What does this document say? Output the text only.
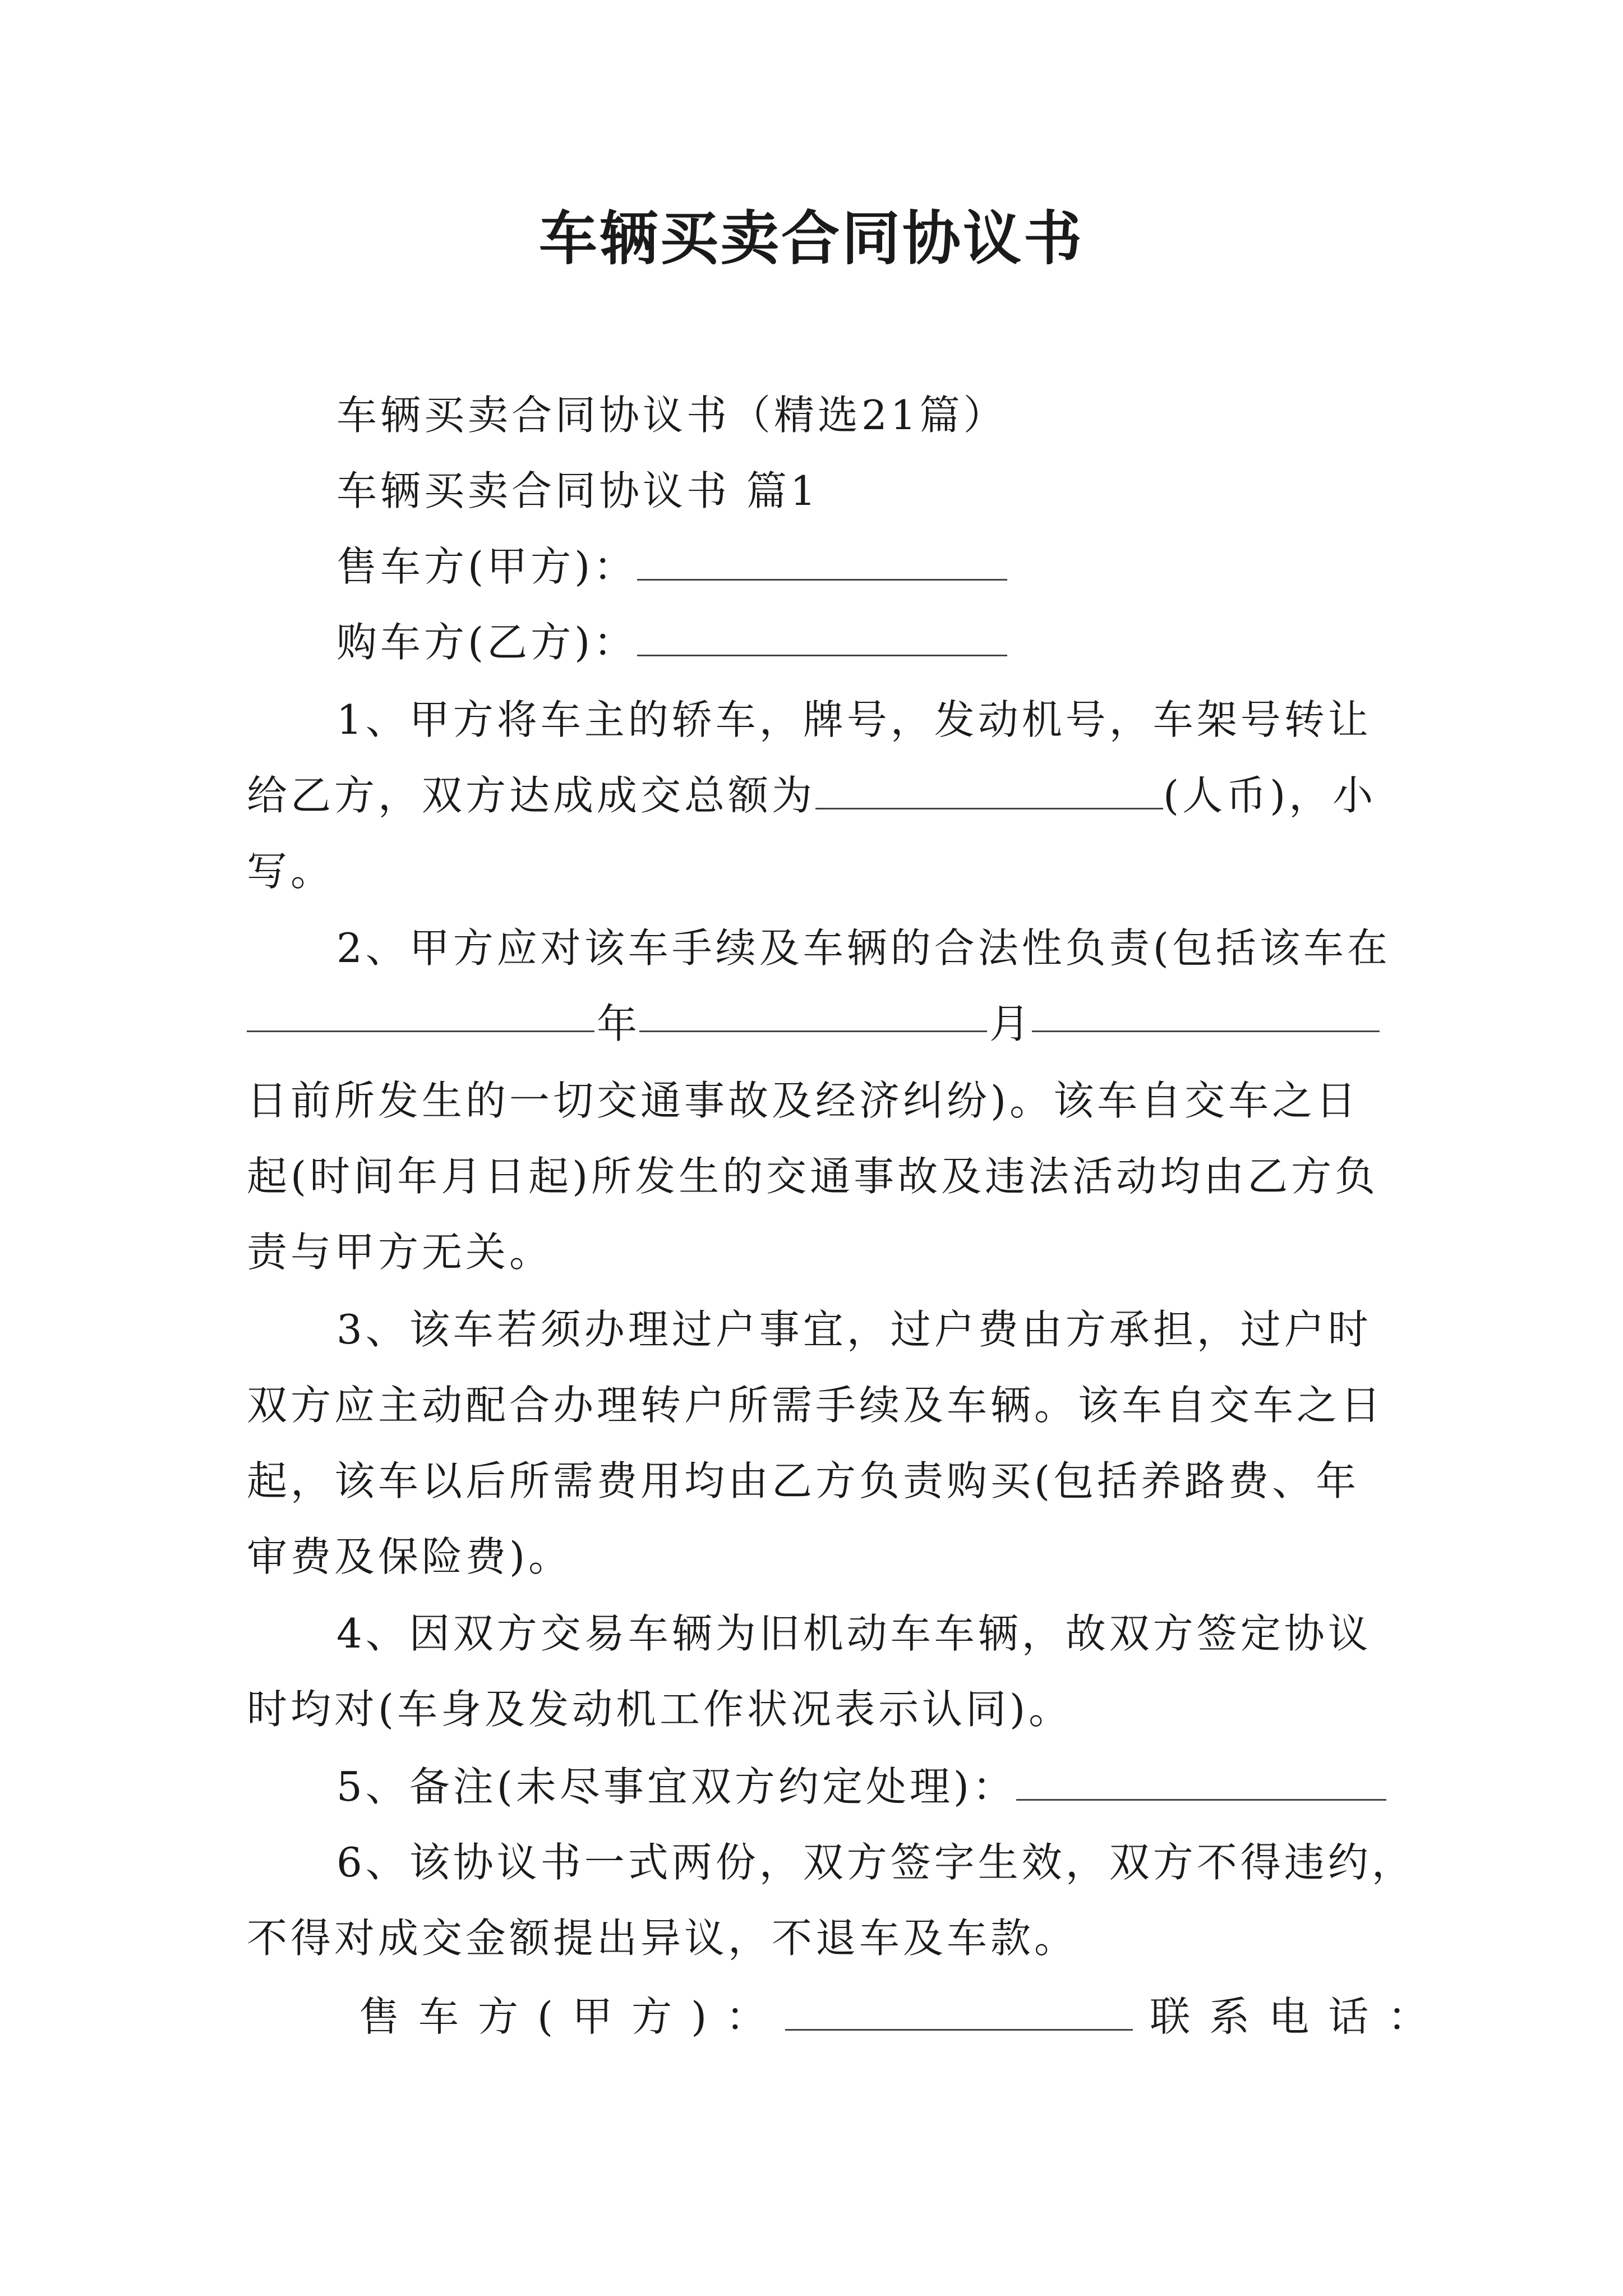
车辆买卖合同协议书
车辆买卖合同协议书（精选21篇）
车辆买卖合同协议书 篇1
售车方(甲方)：
购车方(乙方)：
1、甲方将车主的轿车，牌号，发动机号，车架号转让
给乙方，双方达成成交总额为	(人币)，小
写。
2、甲方应对该车手续及车辆的合法性负责(包括该车在
年	月
日前所发生的一切交通事故及经济纠纷)。该车自交车之日
起(时间年月日起)所发生的交通事故及违法活动均由乙方负
责与甲方无关。
3、该车若须办理过户事宜，过户费由方承担，过户时
双方应主动配合办理转户所需手续及车辆。该车自交车之日
起，该车以后所需费用均由乙方负责购买(包括养路费、年
审费及保险费)。
4、因双方交易车辆为旧机动车车辆，故双方签定协议
时均对(车身及发动机工作状况表示认同)。
5、备注(未尽事宜双方约定处理)：
6、该协议书一式两份，双方签字生效，双方不得违约，
不得对成交金额提出异议，不退车及车款。
售车方(甲方)：	联系电话：
